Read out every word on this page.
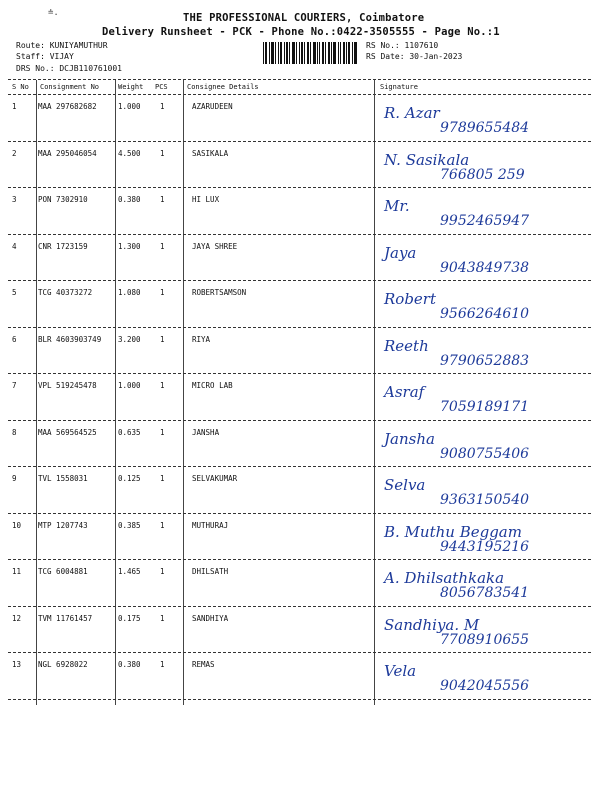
≐.	THE PROFESSIONAL COURIERS, Coimbatore
Delivery Runsheet - PCK - Phone No.:0422-3505555 - Page No.:1
Route: KUNIYAMUTHUR
Staff: VIJAY
DRS No.: DCJB110761001
RS No.: 1107610
RS Date: 30-Jan-2023
S No Consignment No	Weight PCS	Consignee Details	Signature
1	MAA 297682682	1.000	1	AZARUDEEN	R. Azar
9789655484
2	MAA 295046054	4.500	1	SASIKALA	N. Sasikala
766805 259
3	PON 7302910	0.380	1	HI LUX	Mr.
9952465947
4	CNR 1723159	1.300	1	JAYA SHREE	Jaya
9043849738
5	TCG 40373272	1.080	1	ROBERTSAMSON	Robert
9566264610
6	BLR 4603903749 3.200	1	RIYA	Reeth
9790652883
7	VPL 519245478	1.000	1	MICRO LAB	Asraf
7059189171
8	MAA 569564525	0.635	1	JANSHA	Jansha
9080755406
9	TVL 1558031	0.125	1	SELVAKUMAR	Selva
9363150540
10 MTP 1207743	0.385	1	MUTHURAJ	B. Muthu Beggam
9443195216
11 TCG 6004881	1.465	1	DHILSATH	A. Dhilsathkaka
8056783541
12 TVM 11761457	0.175	1	SANDHIYA	Sandhiya. M
7708910655
13 NGL 6928022	0.380	1	REMAS	Vela
9042045556
